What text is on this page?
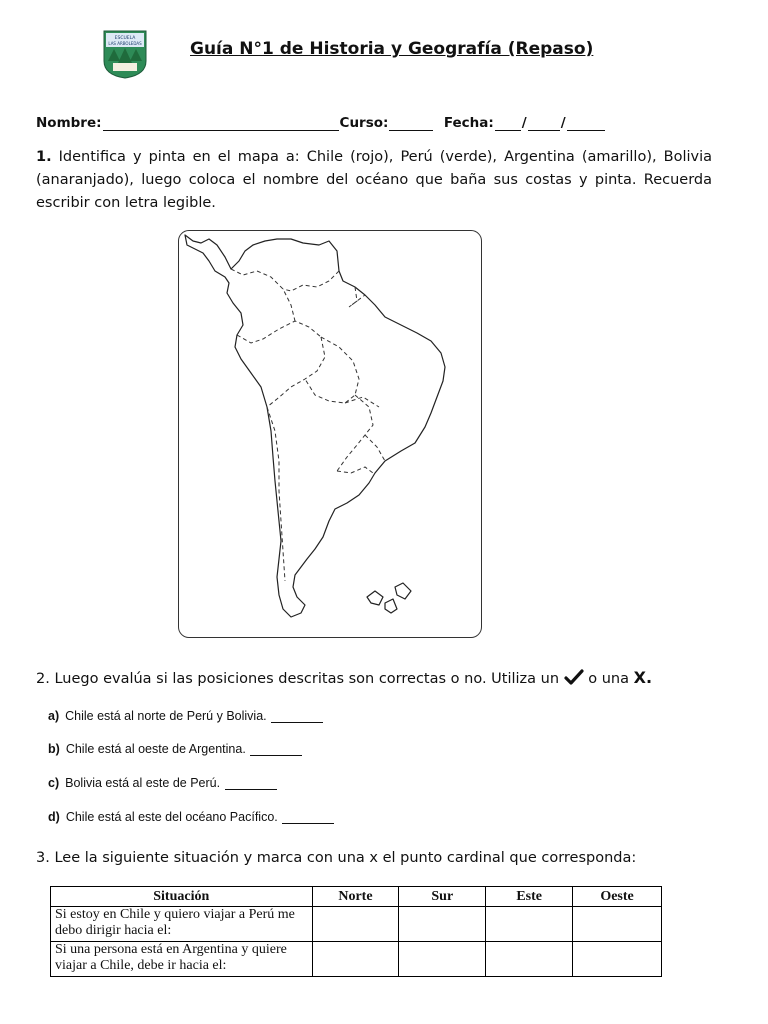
ESCUELA
LAS ARBOLEDAS	Guía N°1 de Historia y Geografía (Repaso)
Nombre:	Curso:	Fecha: /	/
1. Identifica y pinta en el mapa a: Chile (rojo), Perú (verde), Argentina (amarillo), Bolivia (anaranjado), luego coloca el nombre del océano que baña sus costas y pinta. Recuerda escribir con letra legible.
2. Luego evalúa si las posiciones descritas son correctas o no. Utiliza un o una X.
a) Chile está al norte de Perú y Bolivia.
b) Chile está al oeste de Argentina.
c) Bolivia está al este de Perú.
d) Chile está al este del océano Pacífico.
3. Lee la siguiente situación y marca con una x el punto cardinal que corresponda:
Situación	Norte	Sur	Este	Oeste
Si estoy en Chile y quiero viajar a Perú me debo dirigir hacia el:				
Si una persona está en Argentina y quiere viajar a Chile, debe ir hacia el:				
